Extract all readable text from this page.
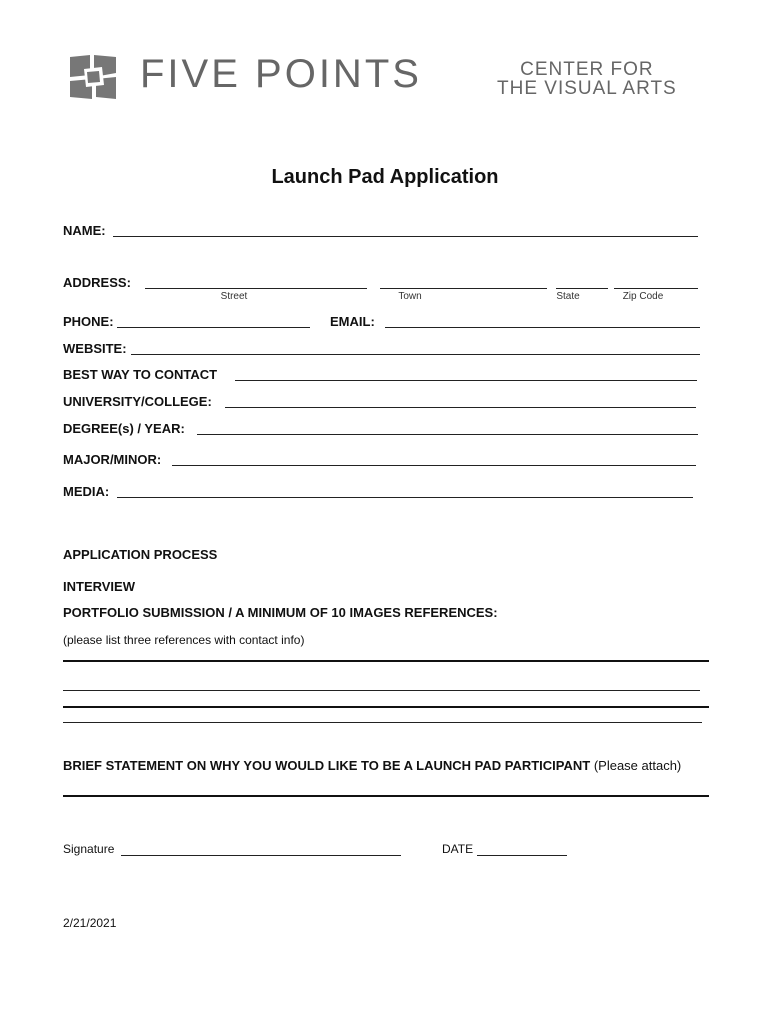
FIVE POINTS	CENTER FOR
THE VISUAL ARTS
Launch Pad Application
NAME:
ADDRESS:
Street	Town	State	Zip Code
PHONE:	EMAIL:
WEBSITE:
BEST WAY TO CONTACT
UNIVERSITY/COLLEGE:
DEGREE(s) / YEAR:
MAJOR/MINOR:
MEDIA:
APPLICATION PROCESS
INTERVIEW
PORTFOLIO SUBMISSION / A MINIMUM OF 10 IMAGES REFERENCES:
(please list three references with contact info)
BRIEF STATEMENT ON WHY YOU WOULD LIKE TO BE A LAUNCH PAD PARTICIPANT (Please attach)
Signature	DATE
2/21/2021
